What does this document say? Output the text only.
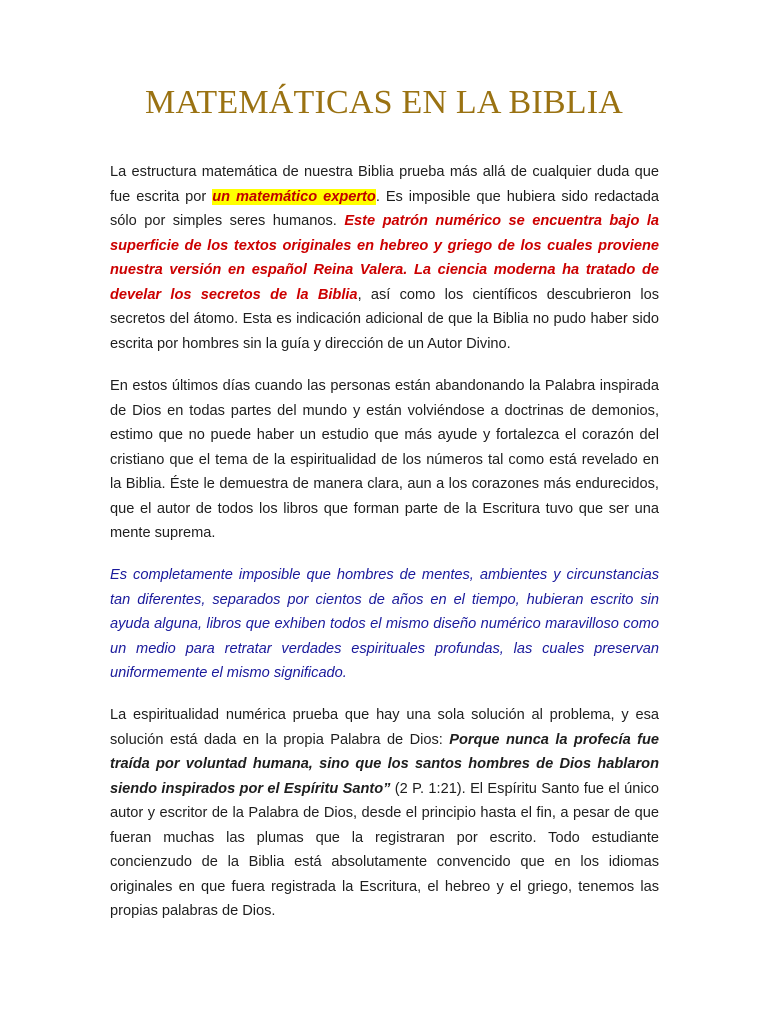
MATEMÁTICAS EN LA BIBLIA

La estructura matemática de nuestra Biblia prueba más allá de cualquier duda que fue escrita por un matemático experto. Es imposible que hubiera sido redactada sólo por simples seres humanos. Este patrón numérico se encuentra bajo la superficie de los textos originales en hebreo y griego de los cuales proviene nuestra versión en español Reina Valera. La ciencia moderna ha tratado de develar los secretos de la Biblia, así como los científicos descubrieron los secretos del átomo. Esta es indicación adicional de que la Biblia no pudo haber sido escrita por hombres sin la guía y dirección de un Autor Divino.

En estos últimos días cuando las personas están abandonando la Palabra inspirada de Dios en todas partes del mundo y están volviéndose a doctrinas de demonios, estimo que no puede haber un estudio que más ayude y fortalezca el corazón del cristiano que el tema de la espiritualidad de los números tal como está revelado en la Biblia. Éste le demuestra de manera clara, aun a los corazones más endurecidos, que el autor de todos los libros que forman parte de la Escritura tuvo que ser una mente suprema.

Es completamente imposible que hombres de mentes, ambientes y circunstancias tan diferentes, separados por cientos de años en el tiempo, hubieran escrito sin ayuda alguna, libros que exhiben todos el mismo diseño numérico maravilloso como un medio para retratar verdades espirituales profundas, las cuales preservan uniformemente el mismo significado.

La espiritualidad numérica prueba que hay una sola solución al problema, y esa solución está dada en la propia Palabra de Dios: Porque nunca la profecía fue traída por voluntad humana, sino que los santos hombres de Dios hablaron siendo inspirados por el Espíritu Santo” (2 P. 1:21). El Espíritu Santo fue el único autor y escritor de la Palabra de Dios, desde el principio hasta el fin, a pesar de que fueran muchas las plumas que la registraran por escrito. Todo estudiante concienzudo de la Biblia está absolutamente convencido que en los idiomas originales en que fuera registrada la Escritura, el hebreo y el griego, tenemos las propias palabras de Dios.
